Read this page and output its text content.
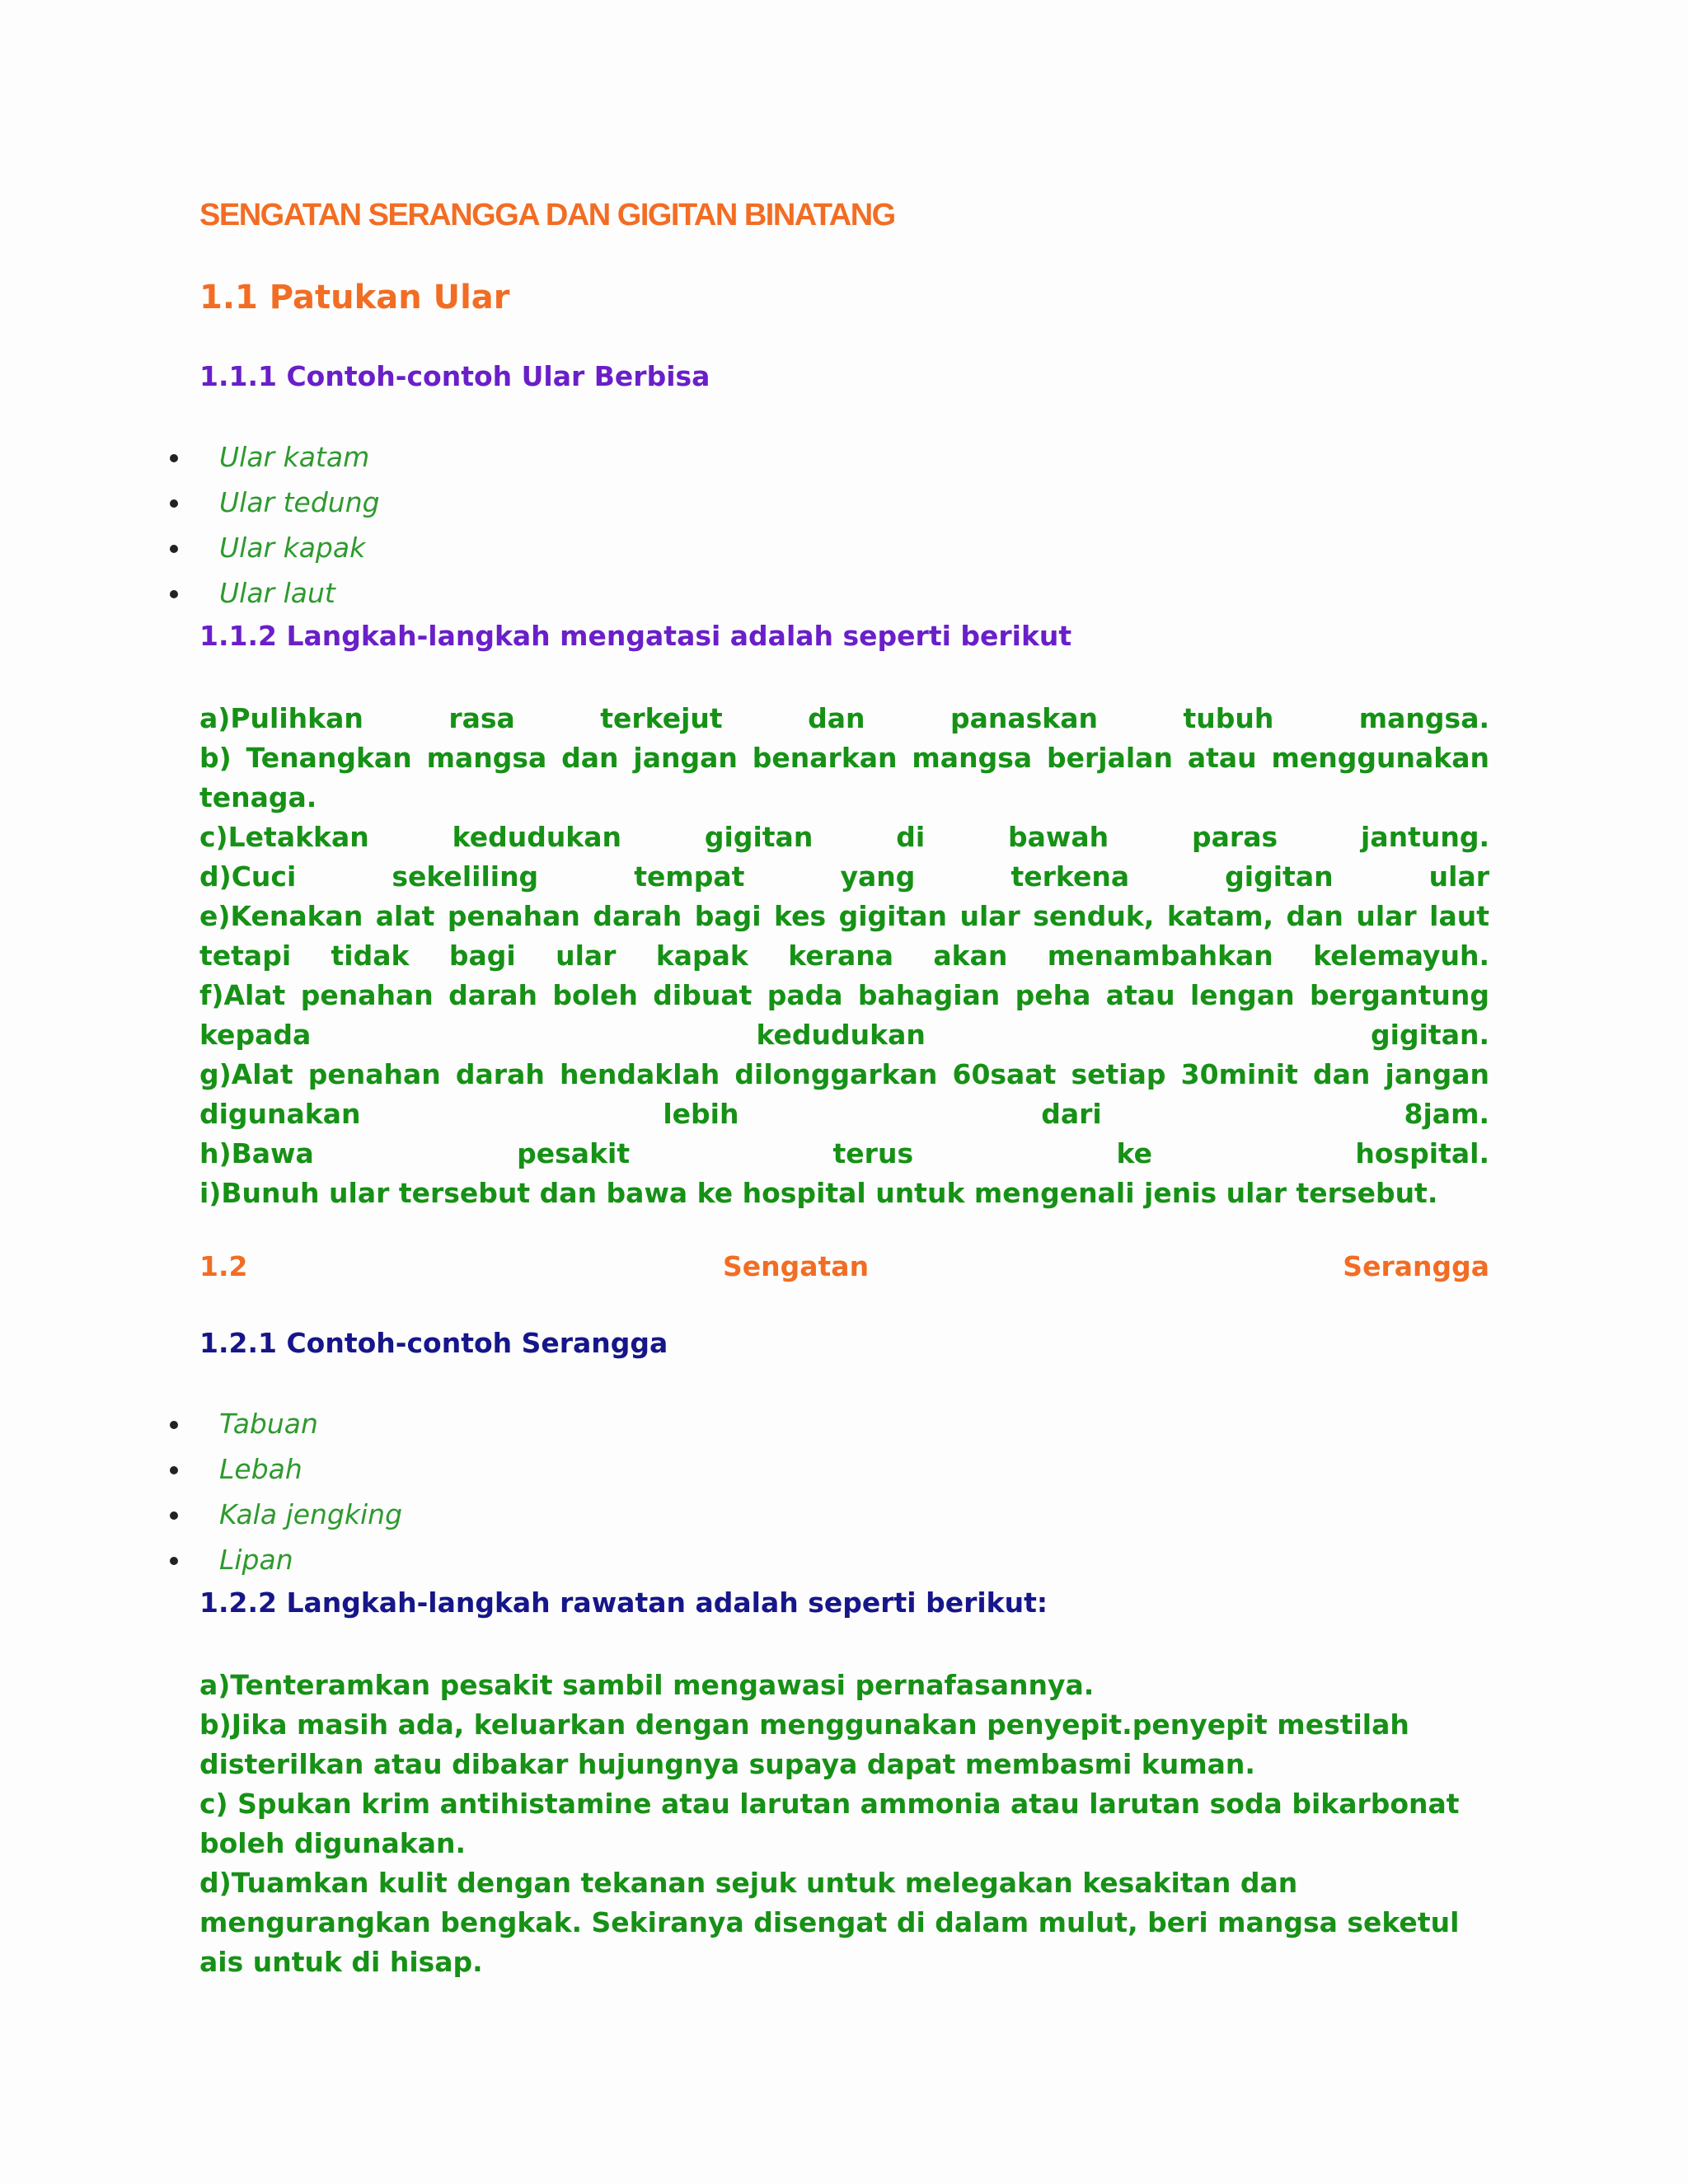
SENGATAN SERANGGA DAN GIGITAN BINATANG
1.1 Patukan Ular
1.1.1 Contoh-contoh Ular Berbisa
Ular katam
Ular tedung
Ular kapak
Ular laut
1.1.2 Langkah-langkah mengatasi adalah seperti berikut
a)Pulihkan rasa terkejut dan panaskan tubuh mangsa.
b) Tenangkan mangsa dan jangan benarkan mangsa berjalan atau menggunakan
tenaga.
c)Letakkan kedudukan gigitan di bawah paras jantung.
d)Cuci sekeliling tempat yang terkena gigitan ular
e)Kenakan alat penahan darah bagi kes gigitan ular senduk, katam, dan ular laut
tetapi tidak bagi ular kapak kerana akan menambahkan kelemayuh.
f)Alat penahan darah boleh dibuat pada bahagian peha atau lengan bergantung
kepada kedudukan gigitan.
g)Alat penahan darah hendaklah dilonggarkan 60saat setiap 30minit dan jangan
digunakan lebih dari 8jam.
h)Bawa pesakit terus ke hospital.
i)Bunuh ular tersebut dan bawa ke hospital untuk mengenali jenis ular tersebut.
1.2	Sengatan	Serangga
1.2.1 Contoh-contoh Serangga
Tabuan
Lebah
Kala jengking
Lipan
1.2.2 Langkah-langkah rawatan adalah seperti berikut:
a)Tenteramkan pesakit sambil mengawasi pernafasannya.
b)Jika masih ada, keluarkan dengan menggunakan penyepit.penyepit mestilah
disterilkan atau dibakar hujungnya supaya dapat membasmi kuman.
c) Spukan krim antihistamine atau larutan ammonia atau larutan soda bikarbonat
boleh digunakan.
d)Tuamkan kulit dengan tekanan sejuk untuk melegakan kesakitan dan
mengurangkan bengkak. Sekiranya disengat di dalam mulut, beri mangsa seketul
ais untuk di hisap.
